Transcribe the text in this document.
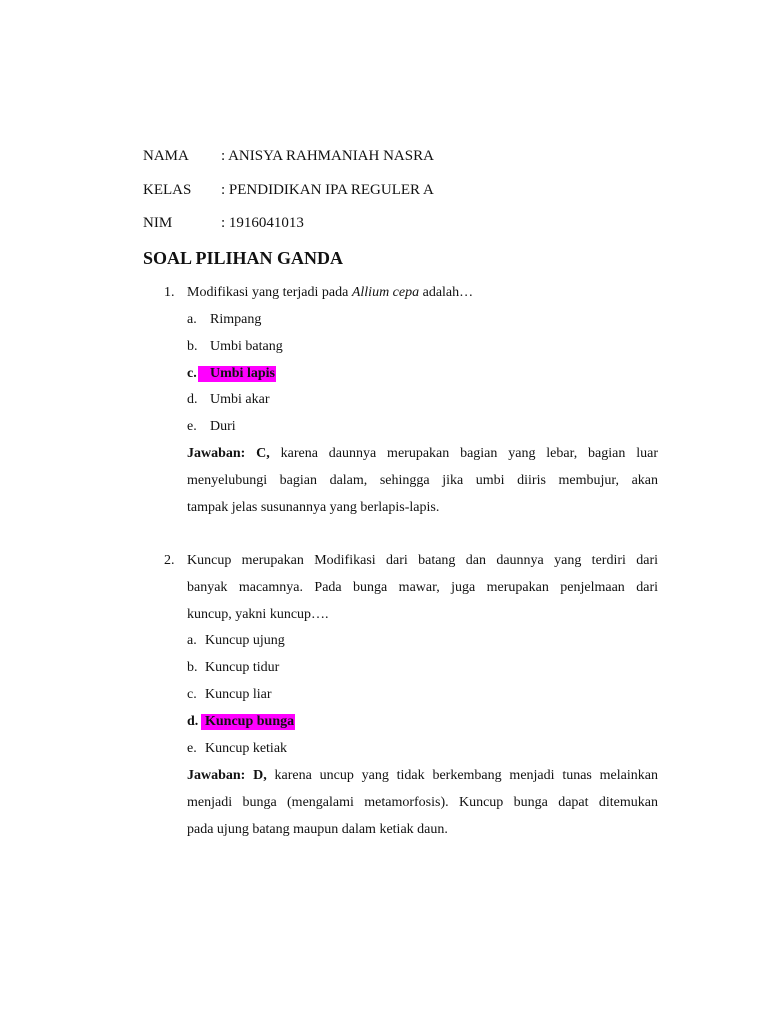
NAMA : ANISYA RAHMANIAH NASRA
KELAS : PENDIDIKAN IPA REGULER A
NIM	: 1916041013
SOAL PILIHAN GANDA
1. Modifikasi yang terjadi pada Allium cepa adalah…
a. Rimpang
b. Umbi batang
c. Umbi lapis
d. Umbi akar
e. Duri
Jawaban: C, karena daunnya merupakan bagian yang lebar, bagian luar
menyelubungi bagian dalam, sehingga jika umbi diiris membujur, akan
tampak jelas susunannya yang berlapis-lapis.
2. Kuncup merupakan Modifikasi dari batang dan daunnya yang terdiri dari
banyak macamnya. Pada bunga mawar, juga merupakan penjelmaan dari
kuncup, yakni kuncup….
a. Kuncup ujung
b. Kuncup tidur
c. Kuncup liar
d. Kuncup bunga
e. Kuncup ketiak
Jawaban: D, karena uncup yang tidak berkembang menjadi tunas melainkan
menjadi bunga (mengalami metamorfosis). Kuncup bunga dapat ditemukan
pada ujung batang maupun dalam ketiak daun.
